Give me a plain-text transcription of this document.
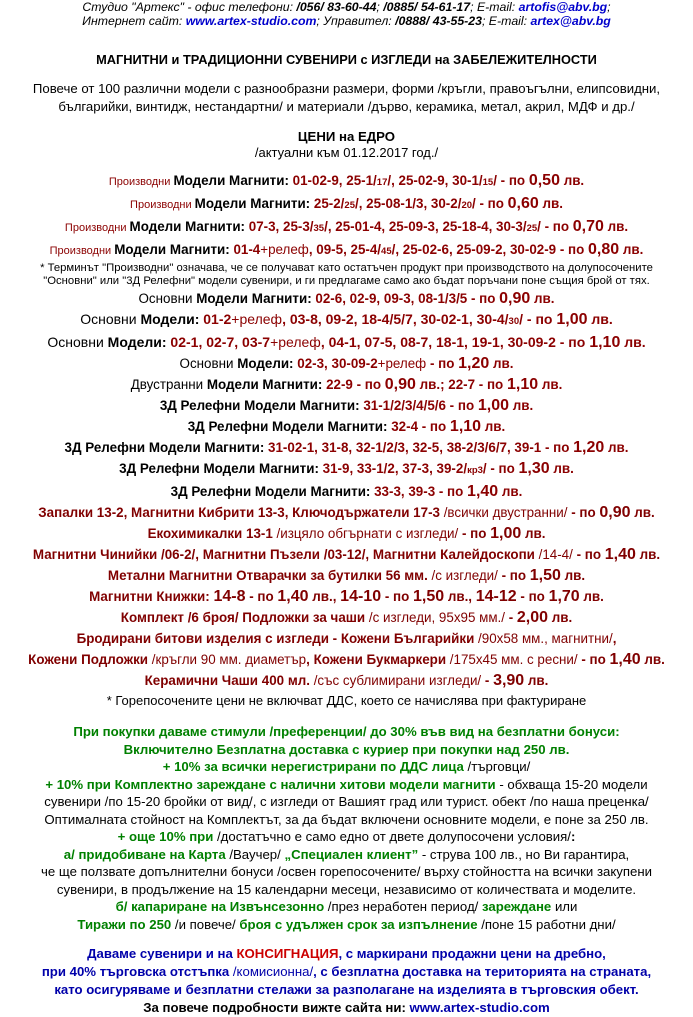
Студио "Артекс" - офис телефони: /056/ 83-60-44; /0885/ 54-61-17; E-mail: artofis@abv.bg;
Интернет сайт: www.artex-studio.com; Управител: /0888/ 43-55-23; E-mail: artex@abv.bg
МАГНИТНИ и ТРАДИЦИОННИ СУВЕНИРИ с ИЗГЛЕДИ на ЗАБЕЛЕЖИТЕЛНОСТИ
Повече от 100 различни модели с разнообразни размери, форми /кръгли, правоъгълни, елипсовидни,
българийки, винтидж, нестандартни/ и материали /дърво, керамика, метал, акрил, МДФ и др./
ЦЕНИ на ЕДРО
/актуални към 01.12.2017 год./
Производни Модели Магнити: 01-02-9, 25-1/17/, 25-02-9, 30-1/15/ - по 0,50 лв.
Производни Модели Магнити: 25-2/25/, 25-08-1/3, 30-2/20/ - по 0,60 лв.
Производни Модели Магнити: 07-3, 25-3/35/, 25-01-4, 25-09-3, 25-18-4, 30-3/25/ - по 0,70 лв.
Производни Модели Магнити: 01-4+релеф, 09-5, 25-4/45/, 25-02-6, 25-09-2, 30-02-9 - по 0,80 лв.
* Терминът "Производни" означава, че се получават като остатъчен продукт при производството на долупосочените
"Основни" или "3Д Релефни" модели сувенири, и ги предлагаме само ако бъдат поръчани поне същия брой от тях.
Основни Модели Магнити: 02-6, 02-9, 09-3, 08-1/3/5 - по 0,90 лв.
Основни Модели: 01-2+релеф, 03-8, 09-2, 18-4/5/7, 30-02-1, 30-4/30/ - по 1,00 лв.
Основни Модели: 02-1, 02-7, 03-7+релеф, 04-1, 07-5, 08-7, 18-1, 19-1, 30-09-2 - по 1,10 лв.
Основни Модели: 02-3, 30-09-2+релеф - по 1,20 лв.
Двустранни Модели Магнити: 22-9 - по 0,90 лв.; 22-7 - по 1,10 лв.
3Д Релефни Модели Магнити: 31-1/2/3/4/5/6 - по 1,00 лв.
3Д Релефни Модели Магнити: 32-4 - по 1,10 лв.
3Д Релефни Модели Магнити: 31-02-1, 31-8, 32-1/2/3, 32-5, 38-2/3/6/7, 39-1 - по 1,20 лв.
3Д Релефни Модели Магнити: 31-9, 33-1/2, 37-3, 39-2/кр3/ - по 1,30 лв.
3Д Релефни Модели Магнити: 33-3, 39-3 - по 1,40 лв.
Запалки 13-2, Магнитни Кибрити 13-3, Ключодържатели 17-3 /всички двустранни/ - по 0,90 лв.
Екохимикалки 13-1 /изцяло обгърнати с изгледи/ - по 1,00 лв.
Магнитни Чинийки /06-2/, Магнитни Пъзели /03-12/, Магнитни Калейдоскопи /14-4/ - по 1,40 лв.
Метални Магнитни Отварачки за бутилки 56 мм. /с изгледи/ - по 1,50 лв.
Магнитни Книжки: 14-8 - по 1,40 лв., 14-10 - по 1,50 лв., 14-12 - по 1,70 лв.
Комплект /6 броя/ Подложки за чаши /с изгледи, 95x95 мм./ - 2,00 лв.
Бродирани битови изделия с изгледи - Кожени Българийки /90x58 мм., магнитни/,
Кожени Подложки /кръгли 90 мм. диаметър, Кожени Букмаркери /175x45 мм. с ресни/ - по 1,40 лв.
Керамични Чаши 400 мл. /със сублимирани изгледи/ - 3,90 лв.
* Горепосочените цени не включват ДДС, което се начислява при фактуриране
При покупки даваме стимули /преференции/ до 30% във вид на безплатни бонуси:
Включително Безплатна доставка с куриер при покупки над 250 лв.
+ 10% за всички нерегистрирани по ДДС лица /търговци/
+ 10% при Комплектно зареждане с налични хитови модели магнити - обхваща 15-20 модели
сувенири /по 15-20 бройки от вид/, с изгледи от Вашият град или турист. обект /по наша преценка/
Оптималната стойност на Комплектът, за да бъдат включени основните модели, е поне за 250 лв.
+ още 10% при /достатъчно е само едно от двете долупосочени условия/:
а/ придобиване на Карта /Ваучер/ „Специален клиент” - струва 100 лв., но Ви гарантира,
че ще ползвате допълнителни бонуси /освен горепосочените/ върху стойността на всички закупени
сувенири, в продължение на 15 календарни месеци, независимо от количествата и моделите.
б/ капариране на Извънсезонно /през неработен период/ зареждане или
Тиражи по 250 /и повече/ броя с удължен срок за изпълнение /поне 15 работни дни/
Даваме сувенири и на КОНСИГНАЦИЯ, с маркирани продажни цени на дребно,
при 40% търговска отстъпка /комисионна/, с безплатна доставка на територията на страната,
като осигуряваме и безплатни стелажи за разполагане на изделията в търговския обект.
За повече подробности вижте сайта ни: www.artex-studio.com
